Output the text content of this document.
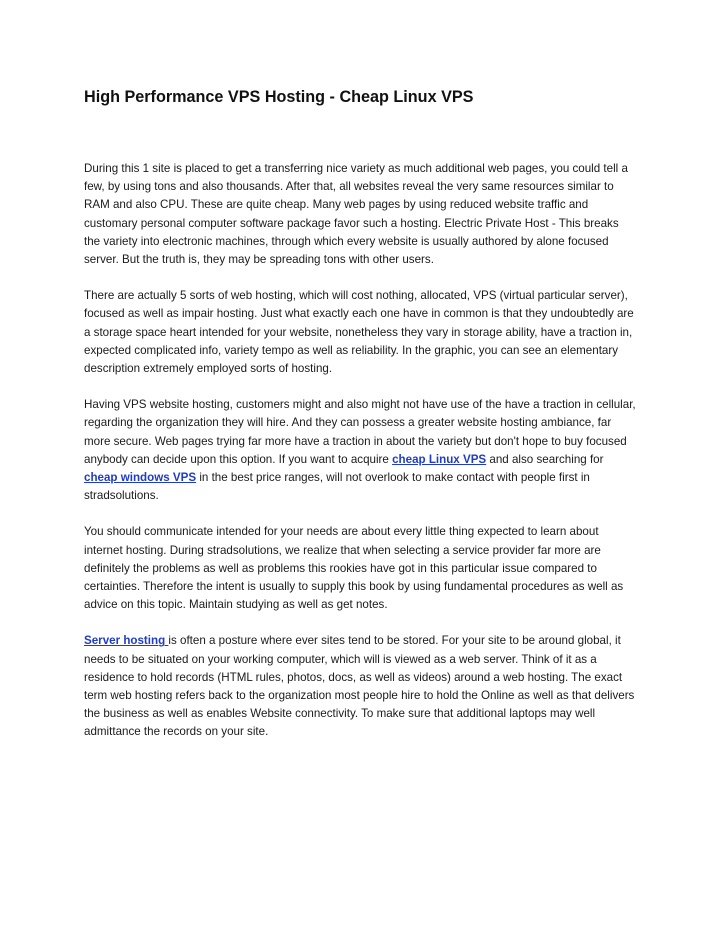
High Performance VPS Hosting - Cheap Linux VPS

During this 1 site is placed to get a transferring nice variety as much additional web pages, you could tell a few, by using tons and also thousands. After that, all websites reveal the very same resources similar to RAM and also CPU. These are quite cheap. Many web pages by using reduced website traffic and customary personal computer software package favor such a hosting. Electric Private Host - This breaks the variety into electronic machines, through which every website is usually authored by alone focused server. But the truth is, they may be spreading tons with other users.

There are actually 5 sorts of web hosting, which will cost nothing, allocated, VPS (virtual particular server), focused as well as impair hosting. Just what exactly each one have in common is that they undoubtedly are a storage space heart intended for your website, nonetheless they vary in storage ability, have a traction in, expected complicated info, variety tempo as well as reliability. In the graphic, you can see an elementary description extremely employed sorts of hosting.

Having VPS website hosting, customers might and also might not have use of the have a traction in cellular, regarding the organization they will hire. And they can possess a greater website hosting ambiance, far more secure. Web pages trying far more have a traction in about the variety but don't hope to buy focused anybody can decide upon this option. If you want to acquire cheap Linux VPS and also searching for cheap windows VPS in the best price ranges, will not overlook to make contact with people first in stradsolutions.

You should communicate intended for your needs are about every little thing expected to learn about internet hosting. During stradsolutions, we realize that when selecting a service provider far more are definitely the problems as well as problems this rookies have got in this particular issue compared to certainties. Therefore the intent is usually to supply this book by using fundamental procedures as well as advice on this topic. Maintain studying as well as get notes.

Server hosting is often a posture where ever sites tend to be stored. For your site to be around global, it needs to be situated on your working computer, which will is viewed as a web server. Think of it as a residence to hold records (HTML rules, photos, docs, as well as videos) around a web hosting. The exact term web hosting refers back to the organization most people hire to hold the Online as well as that delivers the business as well as enables Website connectivity. To make sure that additional laptops may well admittance the records on your site.
